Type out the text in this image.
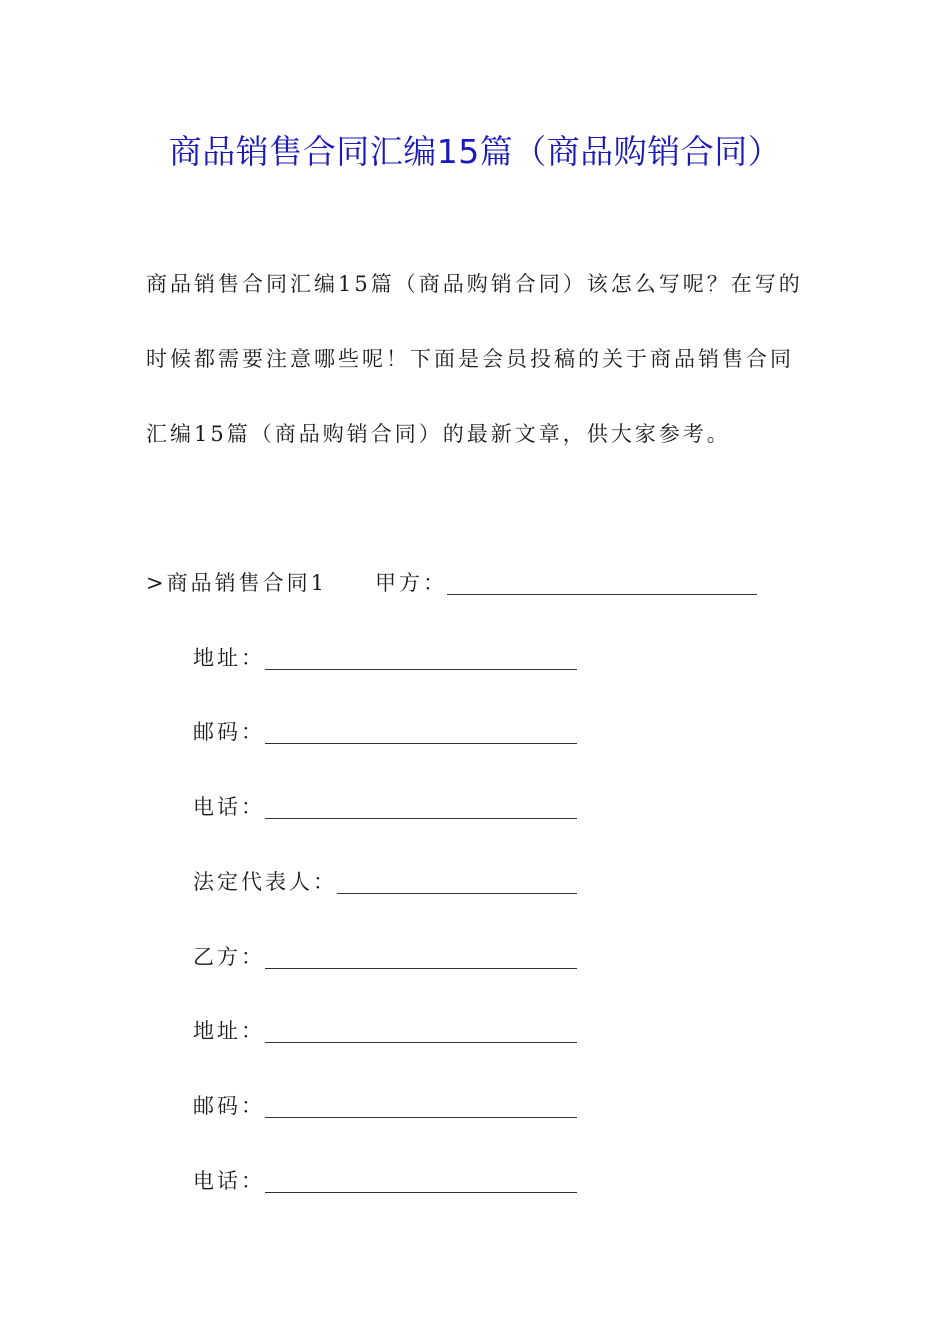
商品销售合同汇编15篇（商品购销合同）
商品销售合同汇编15篇（商品购销合同）该怎么写呢？在写的
时候都需要注意哪些呢！下面是会员投稿的关于商品销售合同
汇编15篇（商品购销合同）的最新文章，供大家参考。
>商品销售合同1 甲方：
地址：
邮码：
电话：
法定代表人：
乙方：
地址：
邮码：
电话：
